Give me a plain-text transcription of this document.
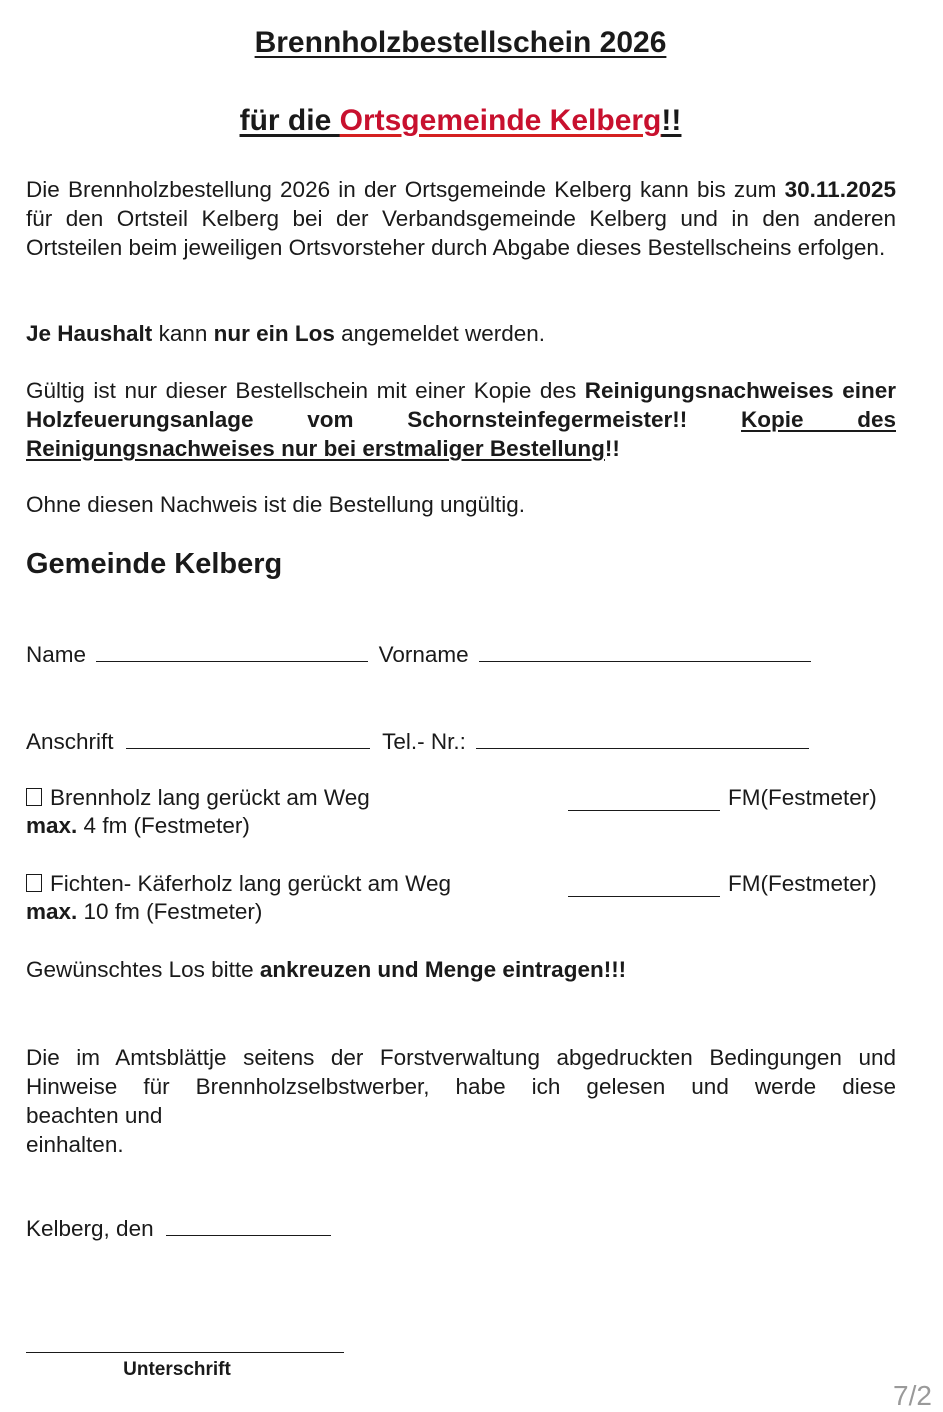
Brennholzbestellschein 2026
für die Ortsgemeinde Kelberg!!
Die Brennholzbestellung 2026 in der Ortsgemeinde Kelberg kann bis zum 30.11.2025 für den Ortsteil Kelberg bei der Verbandsgemeinde Kelberg und in den anderen Ortsteilen beim jeweiligen Ortsvorsteher durch Abgabe dieses Bestellscheins erfolgen.
Je Haushalt kann nur ein Los angemeldet werden.
Gültig ist nur dieser Bestellschein mit einer Kopie des Reinigungsnachweises einer Holzfeuerungsanlage vom Schornsteinfegermeister!! Kopie des Reinigungsnachweises nur bei erstmaliger Bestellung!!
Ohne diesen Nachweis ist die Bestellung ungültig.
Gemeinde Kelberg
Name	Vorname
Anschrift	Tel.- Nr.:
Brennholz lang gerückt am Weg	FM(Festmeter)
max. 4 fm (Festmeter)
Fichten- Käferholz lang gerückt am Weg	FM(Festmeter)
max. 10 fm (Festmeter)
Gewünschtes Los bitte ankreuzen und Menge eintragen!!!
Die im Amtsblättje seitens der Forstverwaltung abgedruckten Bedingungen und Hinweise für Brennholzselbstwerber, habe ich gelesen und werde diese
beachten und
einhalten.
Kelberg, den
Unterschrift
7/2
